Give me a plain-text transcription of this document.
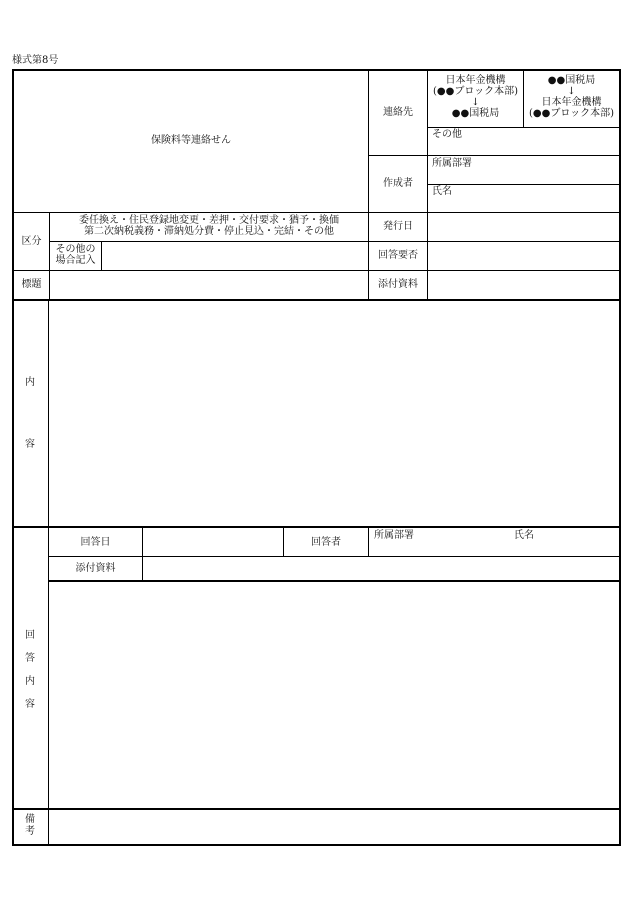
様式第8号
保険料等連絡せん
連絡先
日本年金機構
(●●ブロック本部)
↓
●●国税局
●●国税局
↓
日本年金機構
(●●ブロック本部)
その他
作成者
所属部署
氏名
区分
委任換え・住民登録地変更・差押・交付要求・猶予・換価
第二次納税義務・滞納処分費・停止見込・完結・その他
その他の
場合記入
発行日
回答要否
添付資料
標題
内
容
回
答
内
容
回答日	回答者
所属部署	氏名
添付資料
備
考
